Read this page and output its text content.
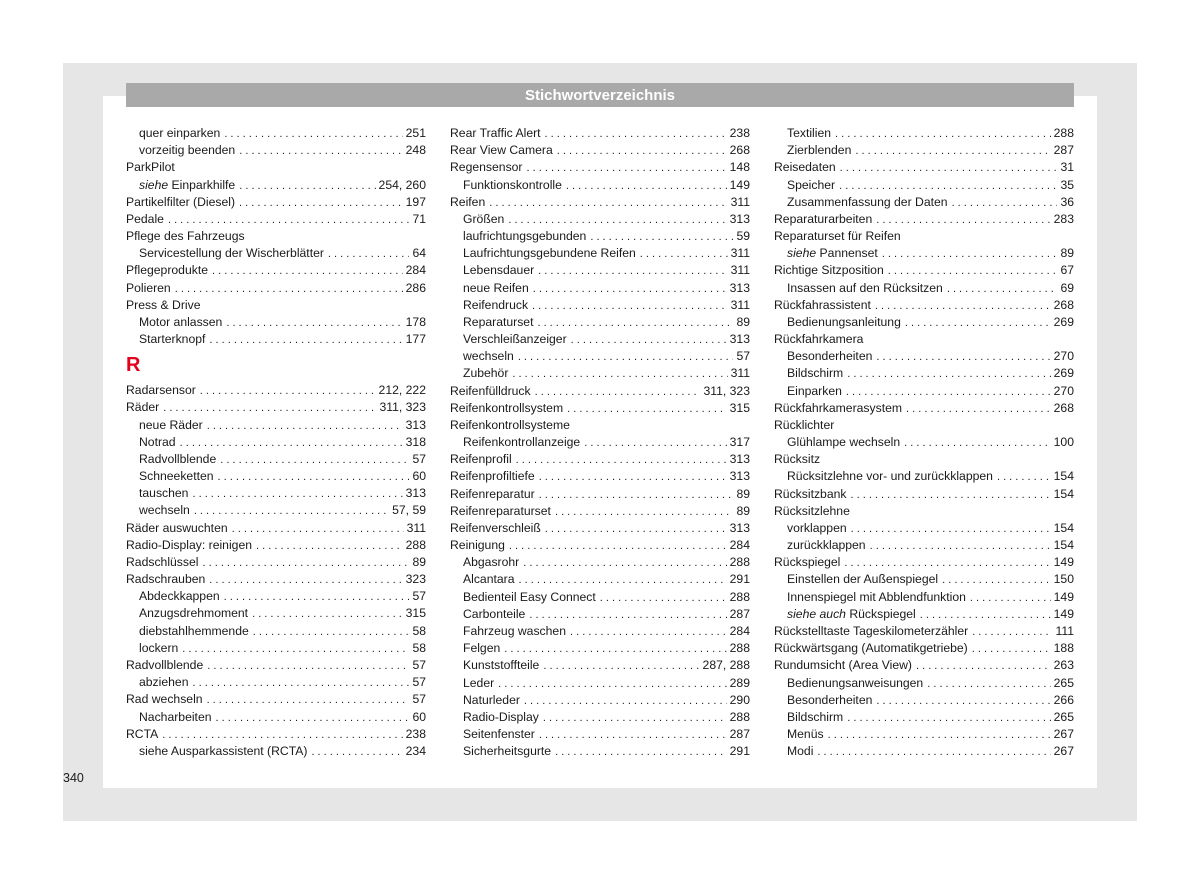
Stichwortverzeichnis
quer einparken . . .	251
vorzeitig beenden . . .	248
ParkPilot
siehe Einparkhilfe . . .	254, 260
Partikelfilter (Diesel) . . .	197
Pedale . . .	71
Pflege des Fahrzeugs
Servicestellung der Wischerblätter . . .	64
Pflegeprodukte . . .	284
Polieren . . .	286
Press & Drive
Motor anlassen . . .	178
Starterknopf . . .	177
R
Radarsensor . . .	212, 222
Räder . . .	311, 323
neue Räder . . .	313
Notrad . . .	318
Radvollblende . . .	57
Schneeketten . . .	60
tauschen . . .	313
wechseln . . .	57, 59
Räder auswuchten . . .	311
Radio-Display: reinigen . . .	288
Radschlüssel . . .	89
Radschrauben . . .	323
Abdeckkappen . . .	57
Anzugsdrehmoment . . .	315
diebstahlhemmende . . .	58
lockern . . .	58
Radvollblende . . .	57
abziehen . . .	57
Rad wechseln . . .	57
Nacharbeiten . . .	60
RCTA . . .	238
siehe Ausparkassistent (RCTA) . . .	234
Rear Traffic Alert . . .	238
Rear View Camera . . .	268
Regensensor . . .	148
Funktionskontrolle . . .	149
Reifen . . .	311
Größen . . .	313
laufrichtungsgebunden . . .	59
Laufrichtungsgebundene Reifen . . .	311
Lebensdauer . . .	311
neue Reifen . . .	313
Reifendruck . . .	311
Reparaturset . . .	89
Verschleißanzeiger . . .	313
wechseln . . .	57
Zubehör . . .	311
Reifenfülldruck . . .	311, 323
Reifenkontrollsystem . . .	315
Reifenkontrollsysteme
Reifenkontrollanzeige . . .	317
Reifenprofil . . .	313
Reifenprofiltiefe . . .	313
Reifenreparatur . . .	89
Reifenreparaturset . . .	89
Reifenverschleiß . . .	313
Reinigung . . .	284
Abgasrohr . . .	288
Alcantara . . .	291
Bedienteil Easy Connect . . .	288
Carbonteile . . .	287
Fahrzeug waschen . . .	284
Felgen . . .	288
Kunststoffteile . . .	287, 288
Leder . . .	289
Naturleder . . .	290
Radio-Display . . .	288
Seitenfenster . . .	287
Sicherheitsgurte . . .	291
Textilien . . .	288
Zierblenden . . .	287
Reisedaten . . .	31
Speicher . . .	35
Zusammenfassung der Daten . . .	36
Reparaturarbeiten . . .	283
Reparaturset für Reifen
siehe Pannenset . . .	89
Richtige Sitzposition . . .	67
Insassen auf den Rücksitzen . . .	69
Rückfahrassistent . . .	268
Bedienungsanleitung . . .	269
Rückfahrkamera
Besonderheiten . . .	270
Bildschirm . . .	269
Einparken . . .	270
Rückfahrkamerasystem . . .	268
Rücklichter
Glühlampe wechseln . . .	100
Rücksitz
Rücksitzlehne vor- und zurückklappen . . .	154
Rücksitzbank . . .	154
Rücksitzlehne
vorklappen . . .	154
zurückklappen . . .	154
Rückspiegel . . .	149
Einstellen der Außenspiegel . . .	150
Innenspiegel mit Abblendfunktion . . .	149
siehe auch Rückspiegel . . .	149
Rückstelltaste Tageskilometerzähler . . .	111
Rückwärtsgang (Automatikgetriebe) . . .	188
Rundumsicht (Area View) . . .	263
Bedienungsanweisungen . . .	265
Besonderheiten . . .	266
Bildschirm . . .	265
Menüs . . .	267
Modi . . .	267
340
